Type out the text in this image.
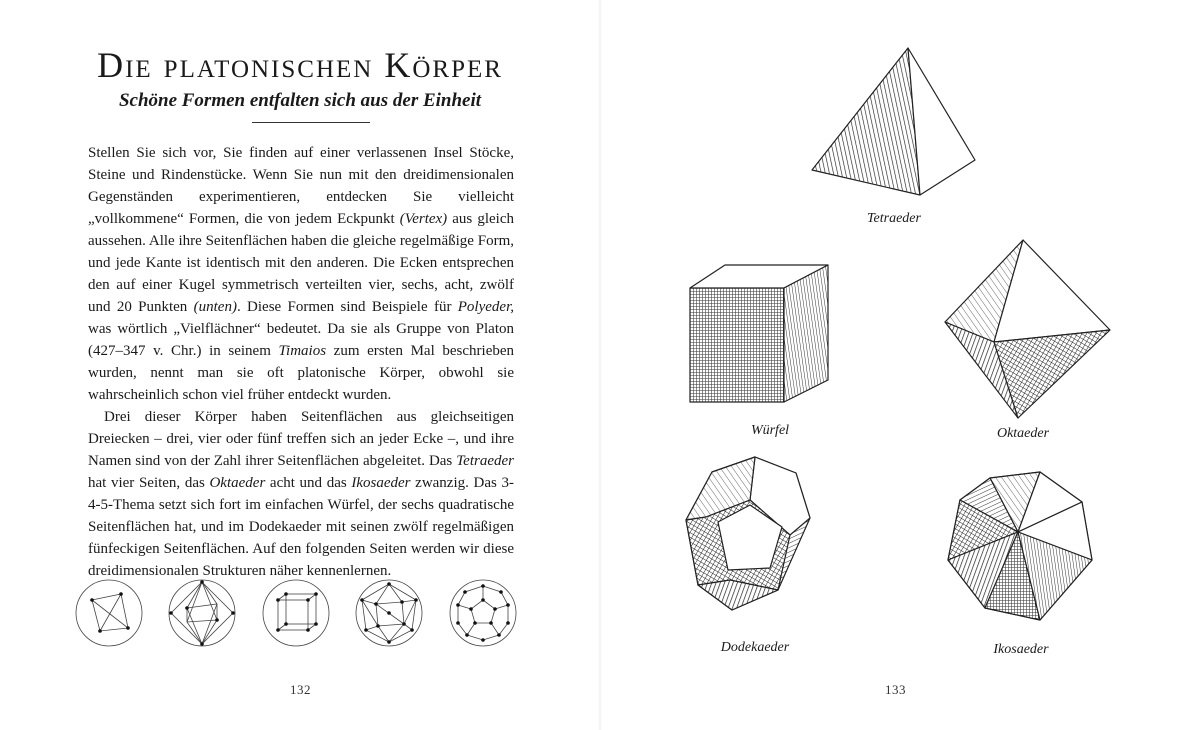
Die platonischen Körper
Schöne Formen entfalten sich aus der Einheit

Stellen Sie sich vor, Sie finden auf einer verlassenen Insel Stöcke, Steine und Rindenstücke. Wenn Sie nun mit den dreidimensionalen Gegenständen experimentieren, entdecken Sie vielleicht „vollkommene“ Formen, die von jedem Eckpunkt (Vertex) aus gleich aussehen. Alle ihre Seitenflächen haben die gleiche regelmäßige Form, und jede Kante ist identisch mit den anderen. Die Ecken entsprechen den auf einer Kugel symmetrisch verteilten vier, sechs, acht, zwölf und 20 Punkten (unten). Diese Formen sind Beispiele für Polyeder, was wörtlich „Vielflächner“ bedeutet. Da sie als Gruppe von Platon (427–347 v. Chr.) in seinem Timaios zum ersten Mal beschrieben wurden, nennt man sie oft platonische Körper, obwohl sie wahrscheinlich schon viel früher entdeckt wurden.

Drei dieser Körper haben Seitenflächen aus gleichseitigen Dreiecken – drei, vier oder fünf treffen sich an jeder Ecke –, und ihre Namen sind von der Zahl ihrer Seitenflächen abgeleitet. Das Tetraeder hat vier Seiten, das Oktaeder acht und das Ikosaeder zwanzig. Das 3-4-5-Thema setzt sich fort im einfachen Würfel, der sechs quadratische Seitenflächen hat, und im Dodekaeder mit seinen zwölf regelmäßigen fünfeckigen Seitenflächen. Auf den folgenden Seiten werden wir diese dreidimensionalen Strukturen näher kennenlernen.

132
Tetraeder
Würfel	Oktaeder
Dodekaeder	Ikosaeder
133
